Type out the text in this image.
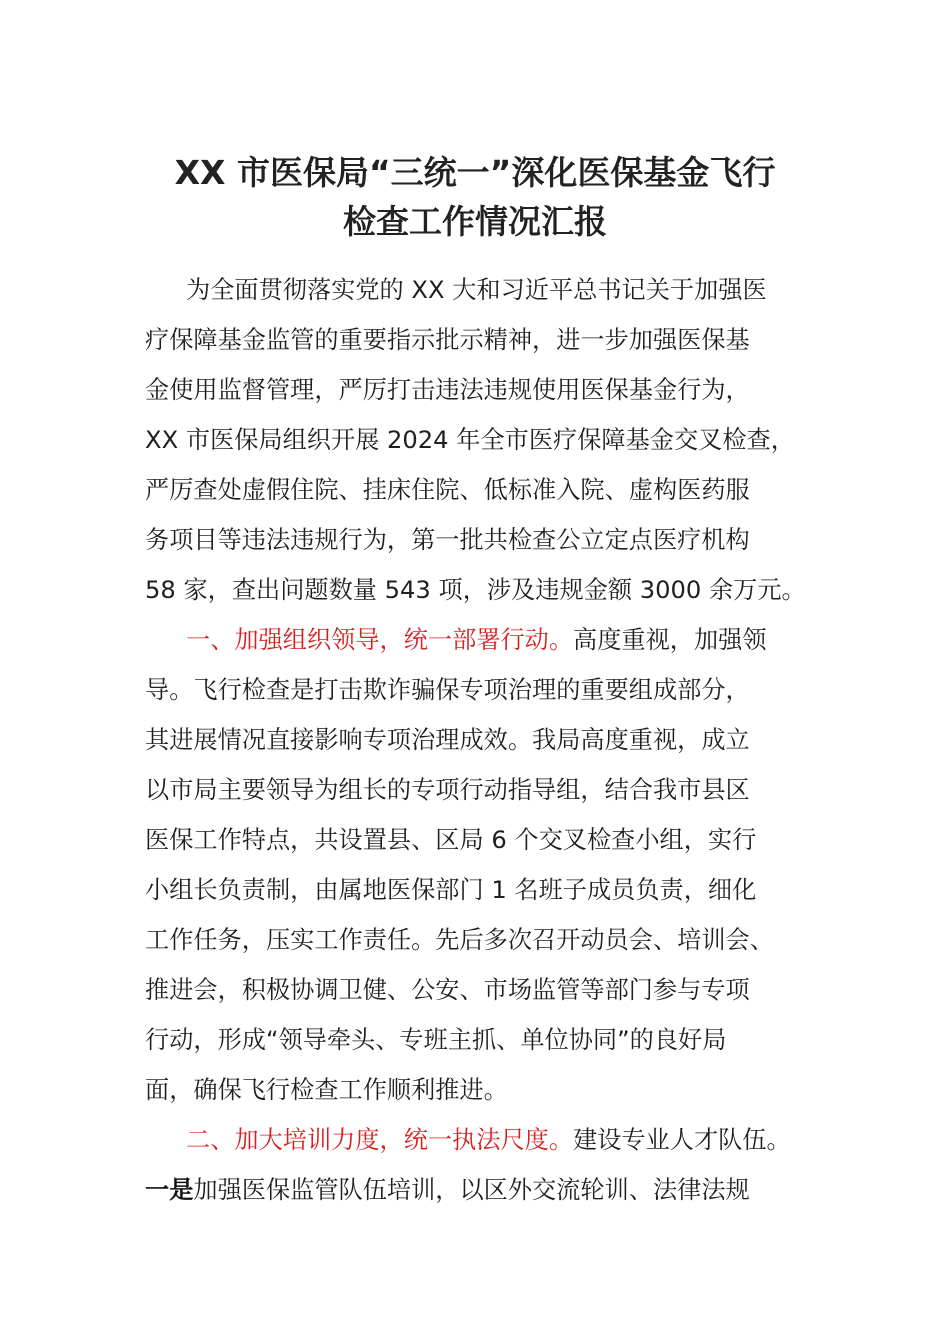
XX 市医保局“三统一”深化医保基金飞行
检查工作情况汇报
为全面贯彻落实党的 XX 大和习近平总书记关于加强医
疗保障基金监管的重要指示批示精神，进一步加强医保基
金使用监督管理，严厉打击违法违规使用医保基金行为，
XX 市医保局组织开展 2024 年全市医疗保障基金交叉检查，
严厉查处虚假住院、挂床住院、低标准入院、虚构医药服
务项目等违法违规行为，第一批共检查公立定点医疗机构
58 家，查出问题数量 543 项，涉及违规金额 3000 余万元。
一、加强组织领导，统一部署行动。高度重视，加强领
导。飞行检查是打击欺诈骗保专项治理的重要组成部分，
其进展情况直接影响专项治理成效。我局高度重视，成立
以市局主要领导为组长的专项行动指导组，结合我市县区
医保工作特点，共设置县、区局 6 个交叉检查小组，实行
小组长负责制，由属地医保部门 1 名班子成员负责，细化
工作任务，压实工作责任。先后多次召开动员会、培训会、
推进会，积极协调卫健、公安、市场监管等部门参与专项
行动，形成“领导牵头、专班主抓、单位协同”的良好局
面，确保飞行检查工作顺利推进。
二、加大培训力度，统一执法尺度。建设专业人才队伍。
一是加强医保监管队伍培训，以区外交流轮训、法律法规
